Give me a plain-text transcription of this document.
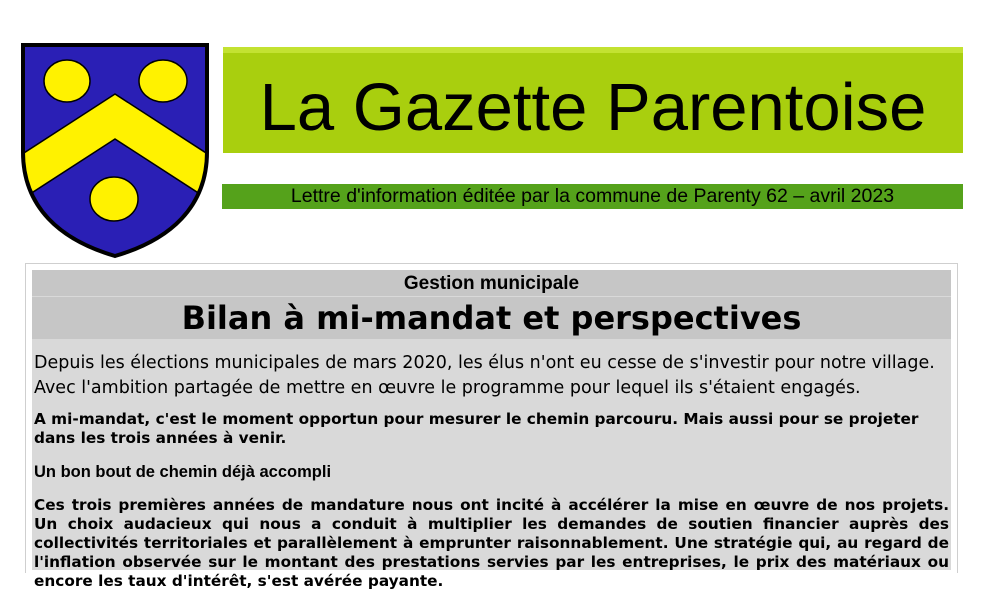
La Gazette Parentoise
Lettre d'information éditée par la commune de Parenty 62 – avril 2023
Gestion municipale
Bilan à mi-mandat et perspectives
Depuis les élections municipales de mars 2020, les élus n'ont eu cesse de s'investir pour notre village. Avec l'ambition partagée de mettre en œuvre le programme pour lequel ils s'étaient engagés.
A mi-mandat, c'est le moment opportun pour mesurer le chemin parcouru. Mais aussi pour se projeter dans les trois années à venir.
Un bon bout de chemin déjà accompli
Ces trois premières années de mandature nous ont incité à accélérer la mise en œuvre de nos projets. Un choix audacieux qui nous a conduit à multiplier les demandes de soutien financier auprès des collectivités territoriales et parallèlement à emprunter raisonnablement. Une stratégie qui, au regard de l'inflation observée sur le montant des prestations servies par les entreprises, le prix des matériaux ou encore les taux d'intérêt, s'est avérée payante.
